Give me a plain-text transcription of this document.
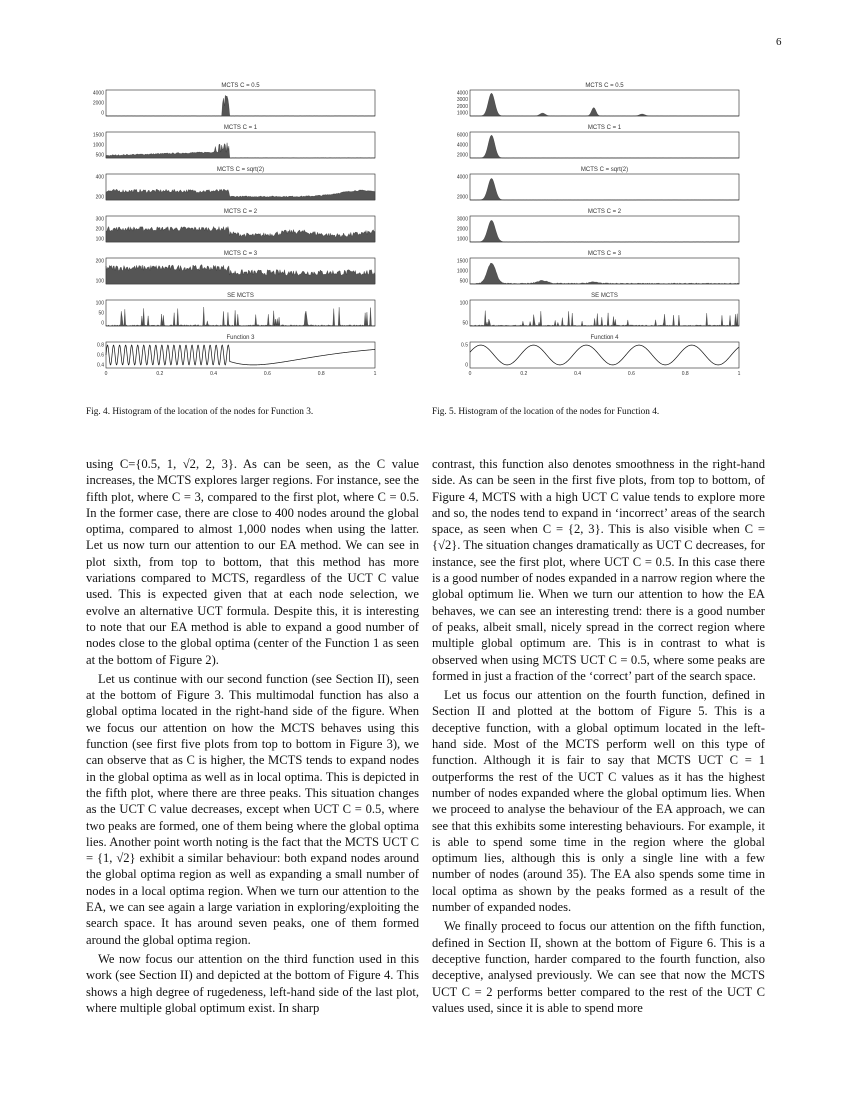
6
MCTS C = 0.5
4000
2000
0
MCTS C = 1
1500
1000
500
MCTS C = sqrt(2)
400
200
MCTS C = 2
300
200
100
MCTS C = 3
200
100
SE MCTS
100
50
0
Function 3
0.8
0.6
0.4
0	0.2	0.4	0.6	0.8	1
MCTS C = 0.5
4000
3000
2000
1000
MCTS C = 1
6000
4000
2000
MCTS C = sqrt(2)
4000
2000
MCTS C = 2
3000
2000
1000
MCTS C = 3
1500
1000
500
SE MCTS
100
50
Function 4
0.5
0
0	0.2	0.4	0.6	0.8	1
Fig. 4. Histogram of the location of the nodes for Function 3.	Fig. 5. Histogram of the location of the nodes for Function 4.

using C={0.5, 1, √2, 2, 3}. As can be seen, as the C value increases, the MCTS explores larger regions. For instance, see the fifth plot, where C = 3, compared to the first plot, where C = 0.5. In the former case, there are close to 400 nodes around the global optima, compared to almost 1,000 nodes when using the latter. Let us now turn our attention to our EA method. We can see in plot sixth, from top to bottom, that this method has more variations compared to MCTS, regardless of the UCT C value used. This is expected given that at each node selection, we evolve an alternative UCT formula. Despite this, it is interesting to note that our EA method is able to expand a good number of nodes close to the global optima (center of the Function 1 as seen at the bottom of Figure 2).

Let us continue with our second function (see Section II), seen at the bottom of Figure 3. This multimodal function has also a global optima located in the right-hand side of the figure. When we focus our attention on how the MCTS behaves using this function (see first five plots from top to bottom in Figure 3), we can observe that as C is higher, the MCTS tends to expand nodes in the global optima as well as in local optima. This is depicted in the fifth plot, where there are three peaks. This situation changes as the UCT C value decreases, except when UCT C = 0.5, where two peaks are formed, one of them being where the global optima lies. Another point worth noting is the fact that the MCTS UCT C = {1, √2} exhibit a similar behaviour: both expand nodes around the global optima region as well as expanding a small number of nodes in a local optima region. When we turn our attention to the EA, we can see again a large variation in exploring/exploiting the search space. It has around seven peaks, one of them formed around the global optima region.

We now focus our attention on the third function used in this work (see Section II) and depicted at the bottom of Figure 4. This shows a high degree of rugedeness, left-hand side of the last plot, where multiple global optimum exist. In sharp

contrast, this function also denotes smoothness in the right-hand side. As can be seen in the first five plots, from top to bottom, of Figure 4, MCTS with a high UCT C value tends to explore more and so, the nodes tend to expand in ‘incorrect’ areas of the search space, as seen when C = {2, 3}. This is also visible when C = {√2}. The situation changes dramatically as UCT C decreases, for instance, see the first plot, where UCT C = 0.5. In this case there is a good number of nodes expanded in a narrow region where the global optimum lie. When we turn our attention to how the EA behaves, we can see an interesting trend: there is a good number of peaks, albeit small, nicely spread in the correct region where multiple global optimum are. This is in contrast to what is observed when using MCTS UCT C = 0.5, where some peaks are formed in just a fraction of the ‘correct’ part of the search space.

Let us focus our attention on the fourth function, defined in Section II and plotted at the bottom of Figure 5. This is a deceptive function, with a global optimum located in the left-hand side. Most of the MCTS perform well on this type of function. Although it is fair to say that MCTS UCT C = 1 outperforms the rest of the UCT C values as it has the highest number of nodes expanded where the global optimum lies. When we proceed to analyse the behaviour of the EA approach, we can see that this exhibits some interesting behaviours. For example, it is able to spend some time in the region where the global optimum lies, although this is only a single line with a few number of nodes (around 35). The EA also spends some time in local optima as shown by the peaks formed as a result of the number of expanded nodes.

We finally proceed to focus our attention on the fifth function, defined in Section II, shown at the bottom of Figure 6. This is a deceptive function, harder compared to the fourth function, also deceptive, analysed previously. We can see that now the MCTS UCT C = 2 performs better compared to the rest of the UCT C values used, since it is able to spend more
